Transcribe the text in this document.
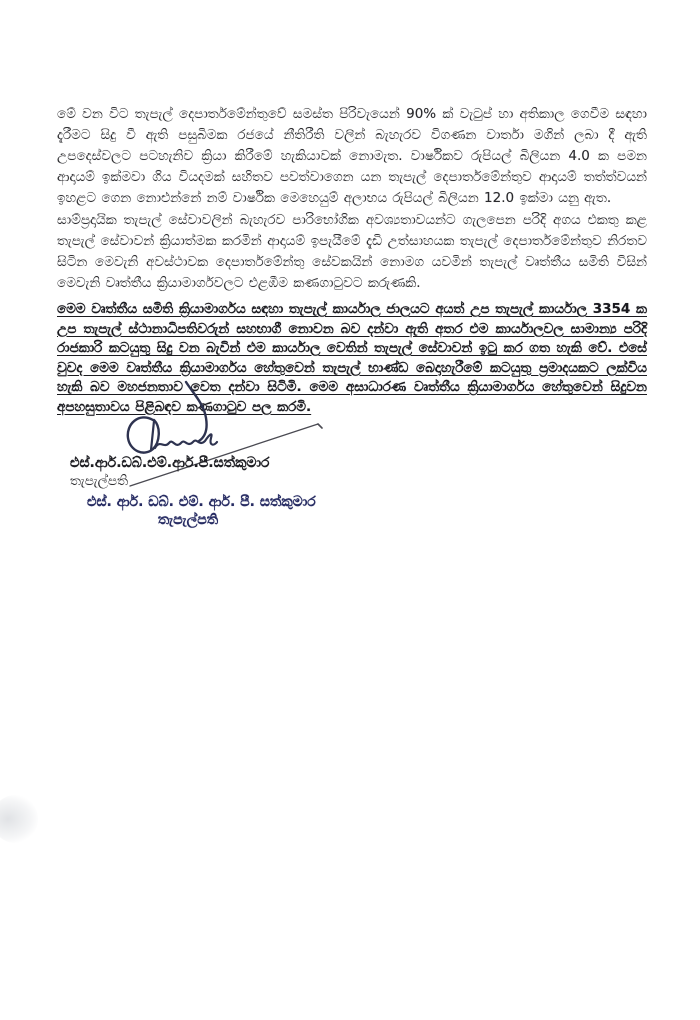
මේ වන විට තැපැල් දෙපාර්තමේන්තුවේ සමස්ත පිරිවැයෙන් 90% ක් වැටුප් හා අතිකාල ගෙවීම සඳහා දැරීමට සිදු වී ඇති පසුබිමක රජයේ නීතිරීති වලින් බැහැරව විගණන වාර්තා මගින් ලබා දී ඇති උපදෙස්වලට පටහැනිව ක්‍රියා කිරීමේ හැකියාවක් නොමැත. වාර්ෂිකව රුපියල් බිලියන 4.0 ක පමන ආදායම් ඉක්මවා ගිය වියදමක් සහිතව පවත්වාගෙන යන තැපැල් දෙපාර්තමේන්තුව ආදායම් තත්ත්වයන් ඉහළට ගෙන නොඑන්නේ නම් වාර්ෂික මෙහෙයුම් අලාභය රුපියල් බිලියන 12.0 ඉක්මා යනු ඇත.

සාම්ප්‍රදායික තැපැල් සේවාවලින් බැහැරව පාරිභෝගික අවශ්‍යතාවයන්ට ගැලපෙන පරිදි අගය එකතු කළ තැපැල් සේවාවන් ක්‍රියාත්මක කරමින් ආදායම් ඉපැයීමේ දැඩි උත්සාහයක තැපැල් දෙපාර්තමේන්තුව නිරතව සිටින මෙවැනි අවස්ථාවක දෙපාර්තමේන්තු සේවකයින් නොමග යවමින් තැපැල් වෘත්තීය සමිති විසින් මෙවැනි වෘත්තීය ක්‍රියාමාර්ගවලට එළඹීම කණගාටුවට කරුණකි.

මෙම වෘත්තීය සමිති ක්‍රියාමාර්ගය සඳහා තැපැල් කාර්යාල ජාලයට අයත් උප තැපැල් කාර්යාල 3354 ක උප තැපැල් ස්ථානාධිපතිවරුන් සහභාගී නොවන බව දන්වා ඇති අතර එම කාර්යාලවල සාමාන්‍ය පරිදි රාජකාරි කටයුතු සිදු වන බැවින් එම කාර්යාල වෙතින් තැපැල් සේවාවන් ඉටු කර ගත හැකි වේ. එසේ වුවද මෙම වෘත්තීය ක්‍රියාමාර්ගය හේතුවෙන් තැපැල් භාණ්ඩ බෙදාහැරීමේ කටයුතු ප්‍රමාදයකට ලක්විය හැකි බව මහජනතාව වෙත දන්වා සිටිමි. මෙම අසාධාරණ වෘත්තීය ක්‍රියාමාර්ගය හේතුවෙන් සිදුවන අපහසුතාවය පිළිබඳව කණගාටුව පල කරමි.

එස්.ආර්.ඩබ්.එම්.ආර්.පී.සත්කුමාර
තැපැල්පති
එස්. ආර්. ඩබ්. එම්. ආර්. පී. සත්කුමාර
තැපැල්පති
